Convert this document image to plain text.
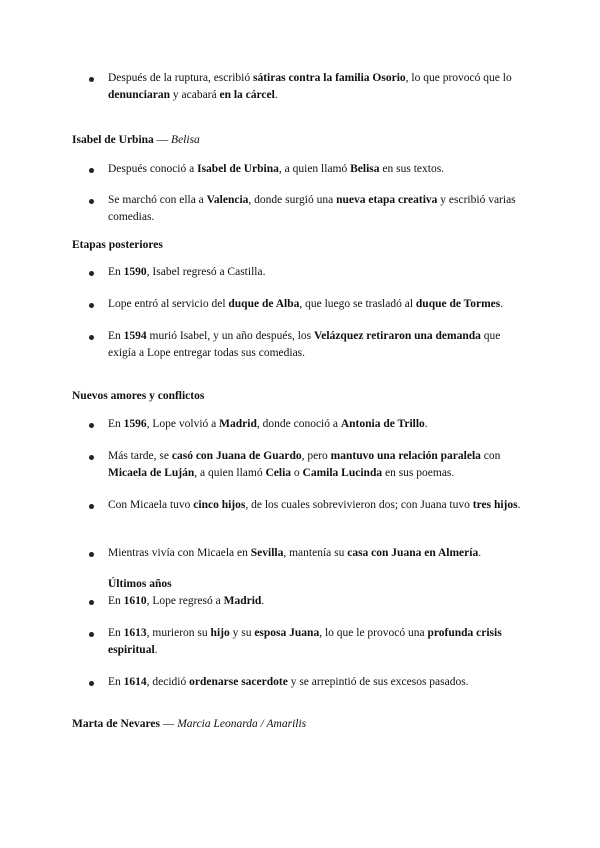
Después de la ruptura, escribió sátiras contra la familia Osorio, lo que provocó que lo denunciaran y acabará en la cárcel.
Isabel de Urbina — Belisa
Después conoció a Isabel de Urbina, a quien llamó Belisa en sus textos.
Se marchó con ella a Valencia, donde surgió una nueva etapa creativa y escribió varias comedias.
Etapas posteriores
En 1590, Isabel regresó a Castilla.
Lope entró al servicio del duque de Alba, que luego se trasladó al duque de Tormes.
En 1594 murió Isabel, y un año después, los Velázquez retiraron una demanda que exigía a Lope entregar todas sus comedias.
Nuevos amores y conflictos
En 1596, Lope volvió a Madrid, donde conoció a Antonia de Trillo.
Más tarde, se casó con Juana de Guardo, pero mantuvo una relación paralela con Micaela de Luján, a quien llamó Celia o Camila Lucinda en sus poemas.
Con Micaela tuvo cinco hijos, de los cuales sobrevivieron dos; con Juana tuvo tres hijos.
Mientras vivía con Micaela en Sevilla, mantenía su casa con Juana en Almería.
Últimos años
En 1610, Lope regresó a Madrid.
En 1613, murieron su hijo y su esposa Juana, lo que le provocó una profunda crisis espiritual.
En 1614, decidió ordenarse sacerdote y se arrepintió de sus excesos pasados.
Marta de Nevares — Marcia Leonarda / Amarilis
